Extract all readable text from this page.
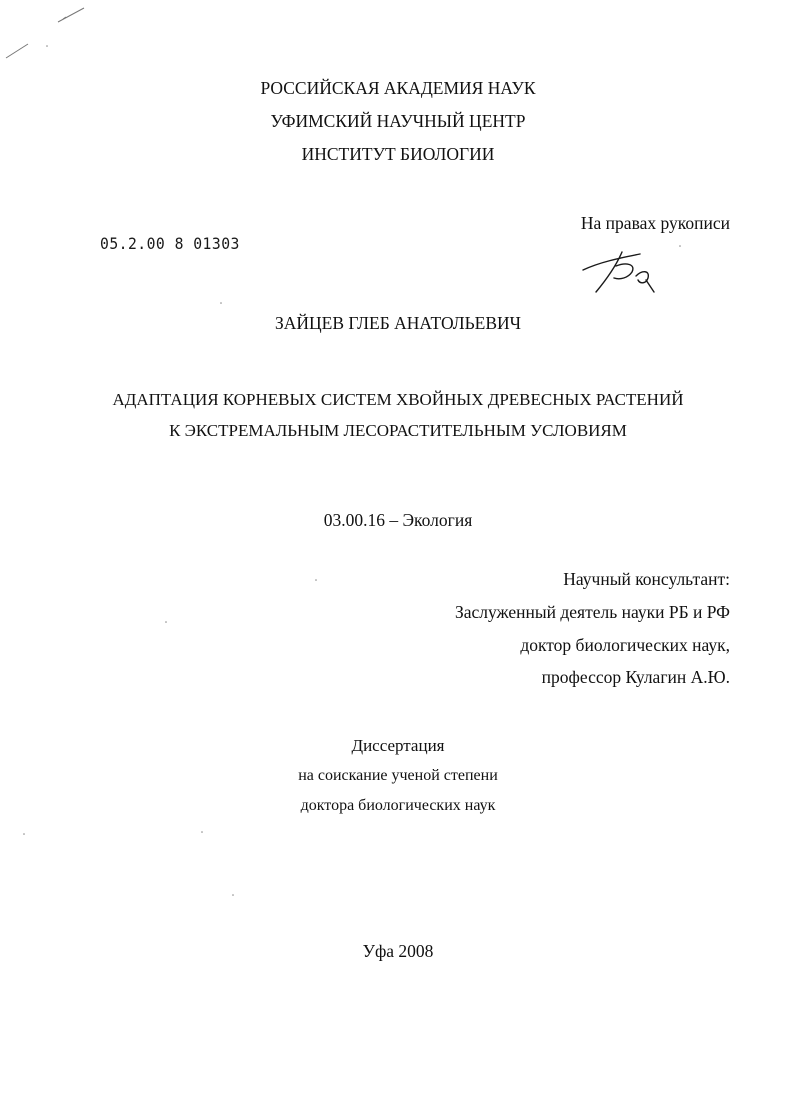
РОССИЙСКАЯ АКАДЕМИЯ НАУК
УФИМСКИЙ НАУЧНЫЙ ЦЕНТР
ИНСТИТУТ БИОЛОГИИ
На правах рукописи
05.2.00 8 01303
ЗАЙЦЕВ ГЛЕБ АНАТОЛЬЕВИЧ
АДАПТАЦИЯ КОРНЕВЫХ СИСТЕМ ХВОЙНЫХ ДРЕВЕСНЫХ РАСТЕНИЙ
К ЭКСТРЕМАЛЬНЫМ ЛЕСОРАСТИТЕЛЬНЫМ УСЛОВИЯМ
03.00.16 – Экология
Научный консультант:
Заслуженный деятель науки РБ и РФ
доктор биологических наук,
профессор Кулагин А.Ю.
Диссертация
на соискание ученой степени
доктора биологических наук
Уфа 2008
